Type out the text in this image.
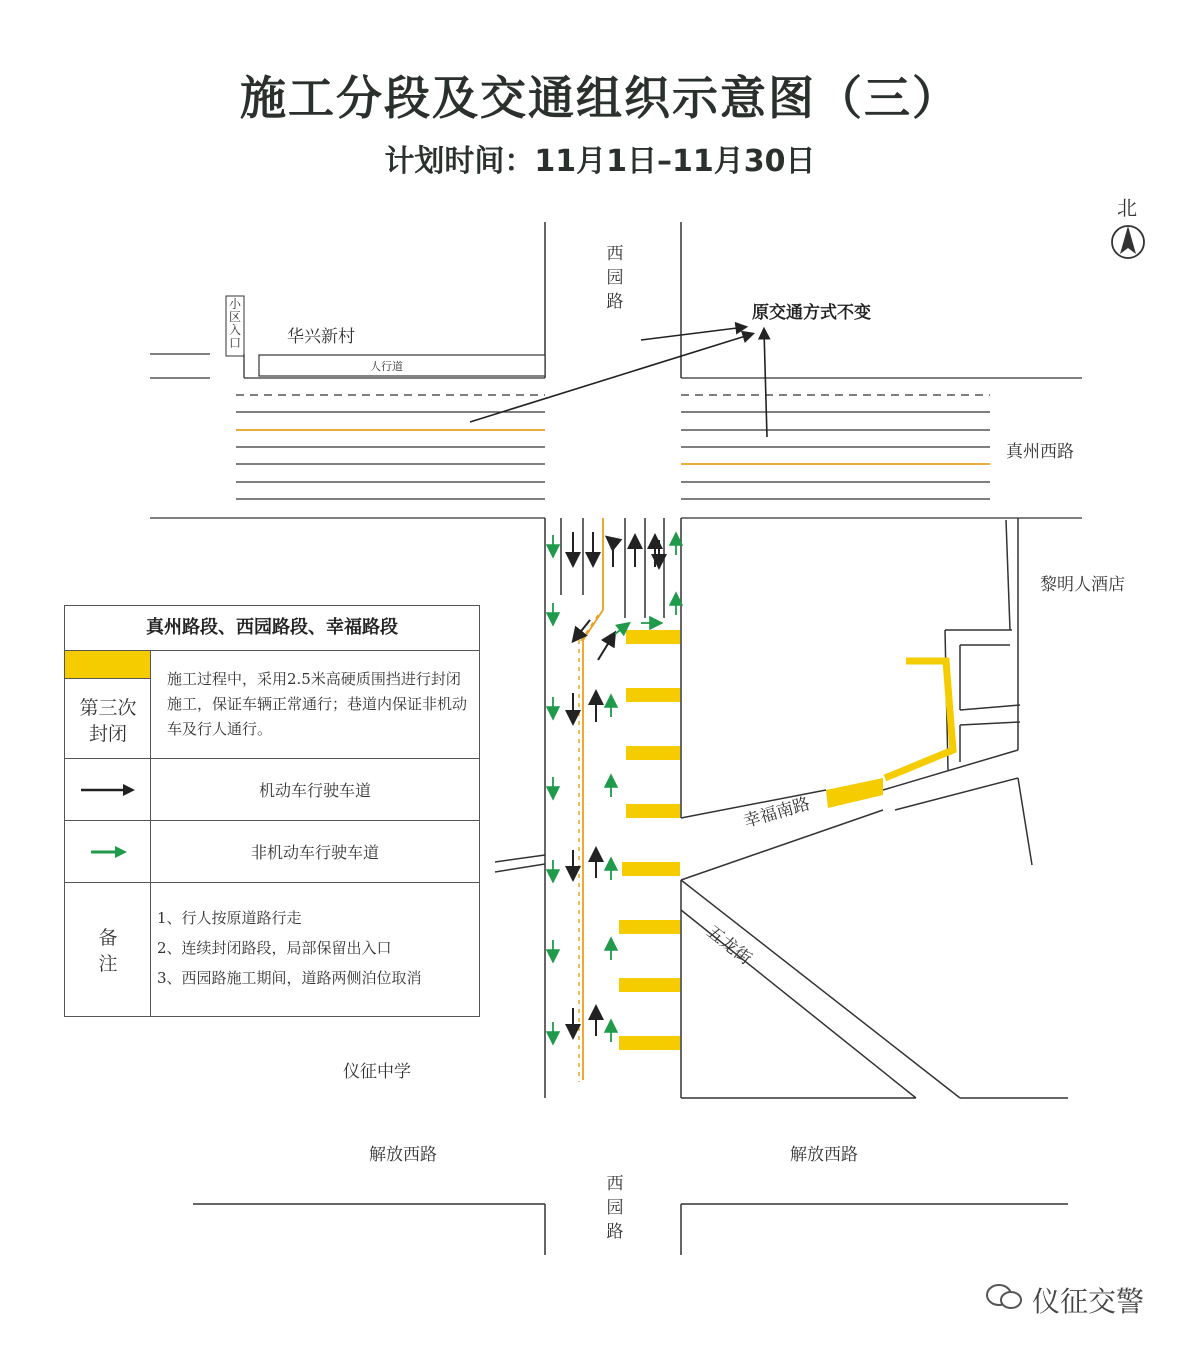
施工分段及交通组织示意图（三）
计划时间：11月1日–11月30日
北
西园路
西园路
真州西路
解放西路	解放西路
幸福南路
五龙街
华兴新村
小区入口
人行道
黎明人酒店
仪征中学
原交通方式不变
真州路段、西园路段、幸福路段
第三次封闭
施工过程中，采用2.5米高硬质围挡进行封闭施工，保证车辆正常通行；巷道内保证非机动车及行人通行。
机动车行驶车道
非机动车行驶车道
备注
1、行人按原道路行走
2、连续封闭路段，局部保留出入口
3、西园路施工期间，道路两侧泊位取消
仪征交警
